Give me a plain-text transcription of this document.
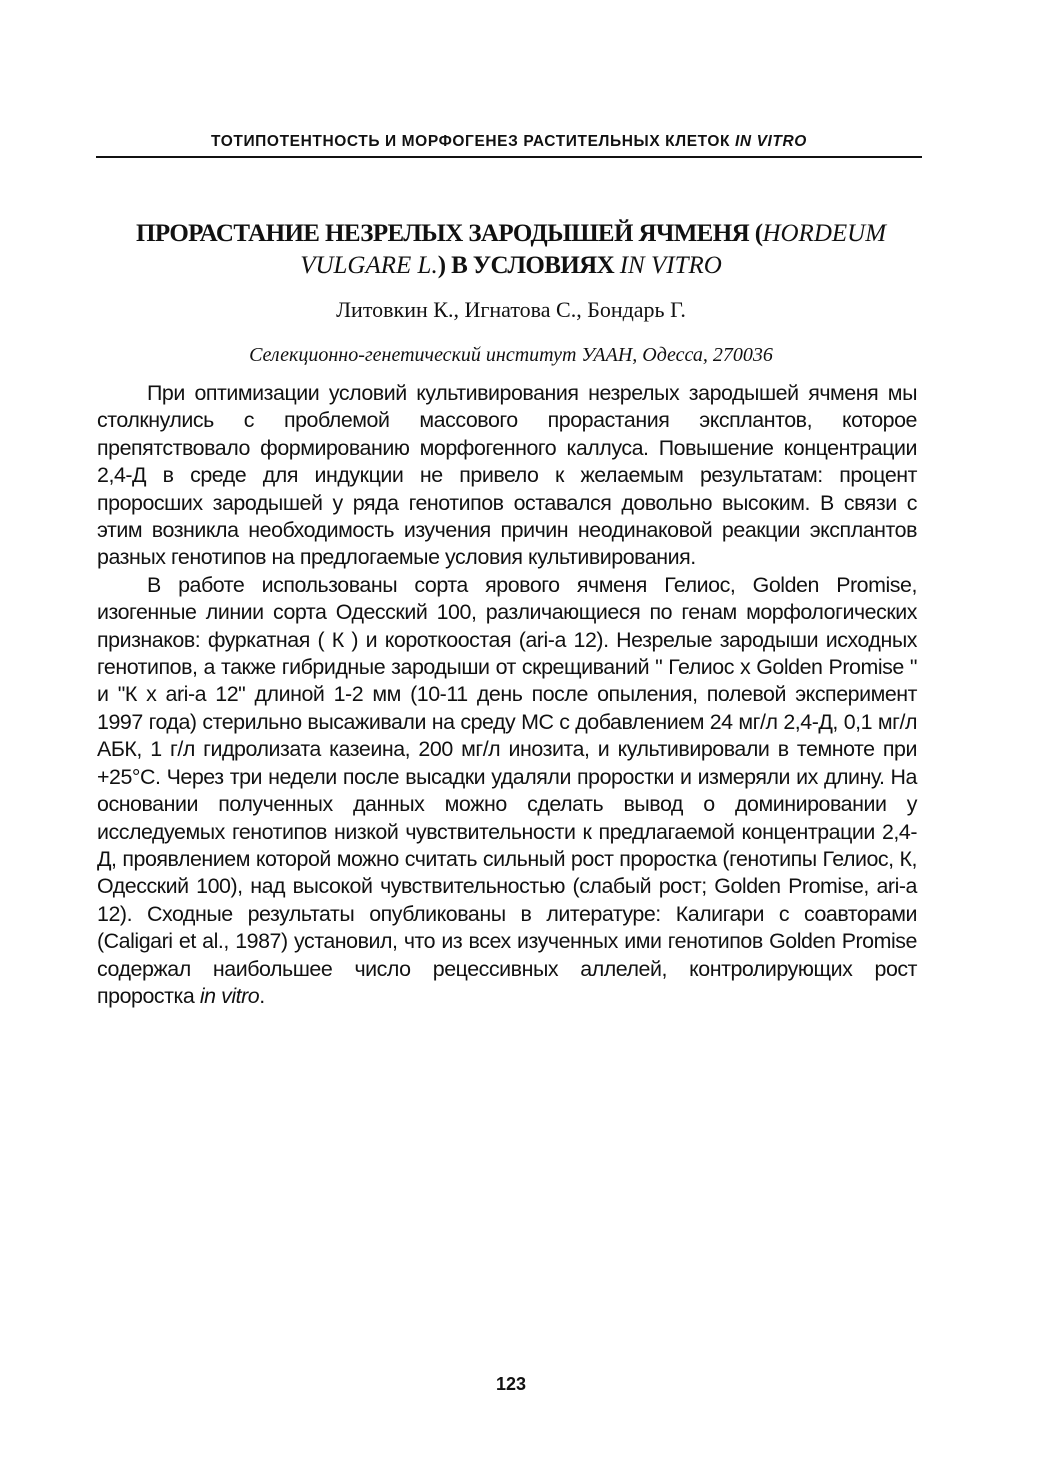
ТОТИПОТЕНТНОСТЬ И МОРФОГЕНЕЗ РАСТИТЕЛЬНЫХ КЛЕТОК IN VITRO
ПРОРАСТАНИЕ НЕЗРЕЛЫХ ЗАРОДЫШЕЙ ЯЧМЕНЯ (HORDEUM VULGARE L.) В УСЛОВИЯХ IN VITRO
Литовкин К., Игнатова С., Бондарь Г.
Селекционно-генетический институт УААН, Одесса, 270036

При оптимизации условий культивирования незрелых зародышей ячменя мы столкнулись с проблемой массового прорастания эксплантов, которое препятствовало формированию морфогенного каллуса. Повышение концентрации 2,4-Д в среде для индукции не привело к желаемым результатам: процент проросших зародышей у ряда генотипов оставался довольно высоким. В связи с этим возникла необходимость изучения причин неодинаковой реакции эксплантов разных генотипов на предлогаемые условия культивирования.

В работе использованы сорта ярового ячменя Гелиос, Golden Promise, изогенные линии сорта Одесский 100, различающиеся по генам морфологических признаков: фуркатная ( К ) и короткоостая (ari-a 12). Незрелые зародыши исходных генотипов, а также гибридные зародыши от скрещиваний " Гелиос х Golden Promise " и "К х ari-a 12" длиной 1-2 мм (10-11 день после опыления, полевой эксперимент 1997 года) стерильно высаживали на среду МС с добавлением 24 мг/л 2,4-Д, 0,1 мг/л АБК, 1 г/л гидролизата казеина, 200 мг/л инозита, и культивировали в темноте при +25°С. Через три недели после высадки удаляли проростки и измеряли их длину. На основании полученных данных можно сделать вывод о доминировании у исследуемых генотипов низкой чувствительности к предлагаемой концентрации 2,4-Д, проявлением которой можно считать сильный рост проростка (генотипы Гелиос, К, Одесский 100), над высокой чувствительностью (слабый рост; Golden Promise, ari-a 12). Сходные результаты опубликованы в литературе: Калигари с соавторами (Caligari et al., 1987) установил, что из всех изученных ими генотипов Golden Promise содержал наибольшее число рецессивных аллелей, контролирующих рост проростка in vitro.

123
